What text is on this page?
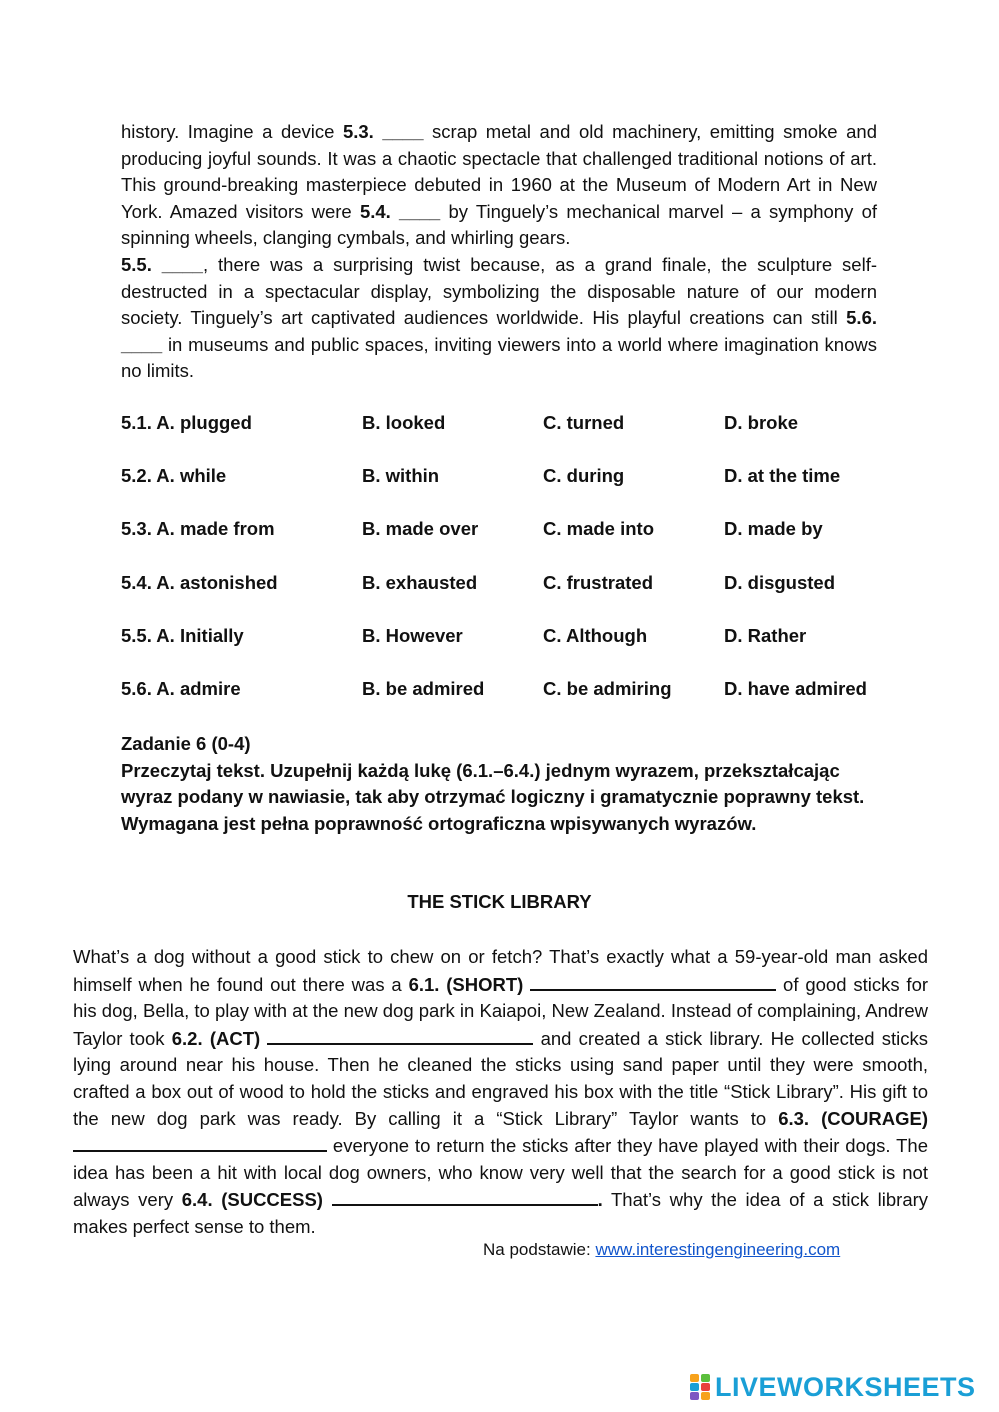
history. Imagine a device 5.3. ____ scrap metal and old machinery, emitting smoke and producing joyful sounds. It was a chaotic spectacle that challenged traditional notions of art. This ground-breaking masterpiece debuted in 1960 at the Museum of Modern Art in New York. Amazed visitors were 5.4. ____ by Tinguely’s mechanical marvel – a symphony of spinning wheels, clanging cymbals, and whirling gears.

5.5. ____, there was a surprising twist because, as a grand finale, the sculpture self-destructed in a spectacular display, symbolizing the disposable nature of our modern society. Tinguely’s art captivated audiences worldwide. His playful creations can still 5.6. ____ in museums and public spaces, inviting viewers into a world where imagination knows no limits.

5.1. A. plugged	B. looked	C. turned	D. broke
5.2. A. while	B. within	C. during	D. at the time
5.3. A. made from	B. made over	C. made into	D. made by
5.4. A. astonished	B. exhausted	C. frustrated	D. disgusted
5.5. A. Initially	B. However	C. Although	D. Rather
5.6. A. admire	B. be admired	C. be admiring	D. have admired
Zadanie 6 (0-4)
Przeczytaj tekst. Uzupełnij każdą lukę (6.1.–6.4.) jednym wyrazem, przekształcając wyraz podany w nawiasie, tak aby otrzymać logiczny i gramatycznie poprawny tekst. Wymagana jest pełna poprawność ortograficzna wpisywanych wyrazów.
THE STICK LIBRARY

What’s a dog without a good stick to chew on or fetch? That’s exactly what a 59-year-old man asked himself when he found out there was a 6.1. (SHORT)	of good sticks for his dog, Bella, to play with at the new dog park in Kaiapoi, New Zealand. Instead of complaining, Andrew Taylor took 6.2. (ACT)	and created a stick library. He collected sticks lying around near his house. Then he cleaned the sticks using sand paper until they were smooth, crafted a box out of wood to hold the sticks and engraved his box with the title “Stick Library”. His gift to the new dog park was ready. By calling it a “Stick Library” Taylor wants to 6.3. (COURAGE)  everyone to return the sticks after they have played with their dogs. The idea has been a hit with local dog owners, who know very well that the search for a good stick is not always very 6.4. (SUCCESS)	. That’s why the idea of a stick library makes perfect sense to them.

Na podstawie: www.interestingengineering.com
LIVEWORKSHEETS
